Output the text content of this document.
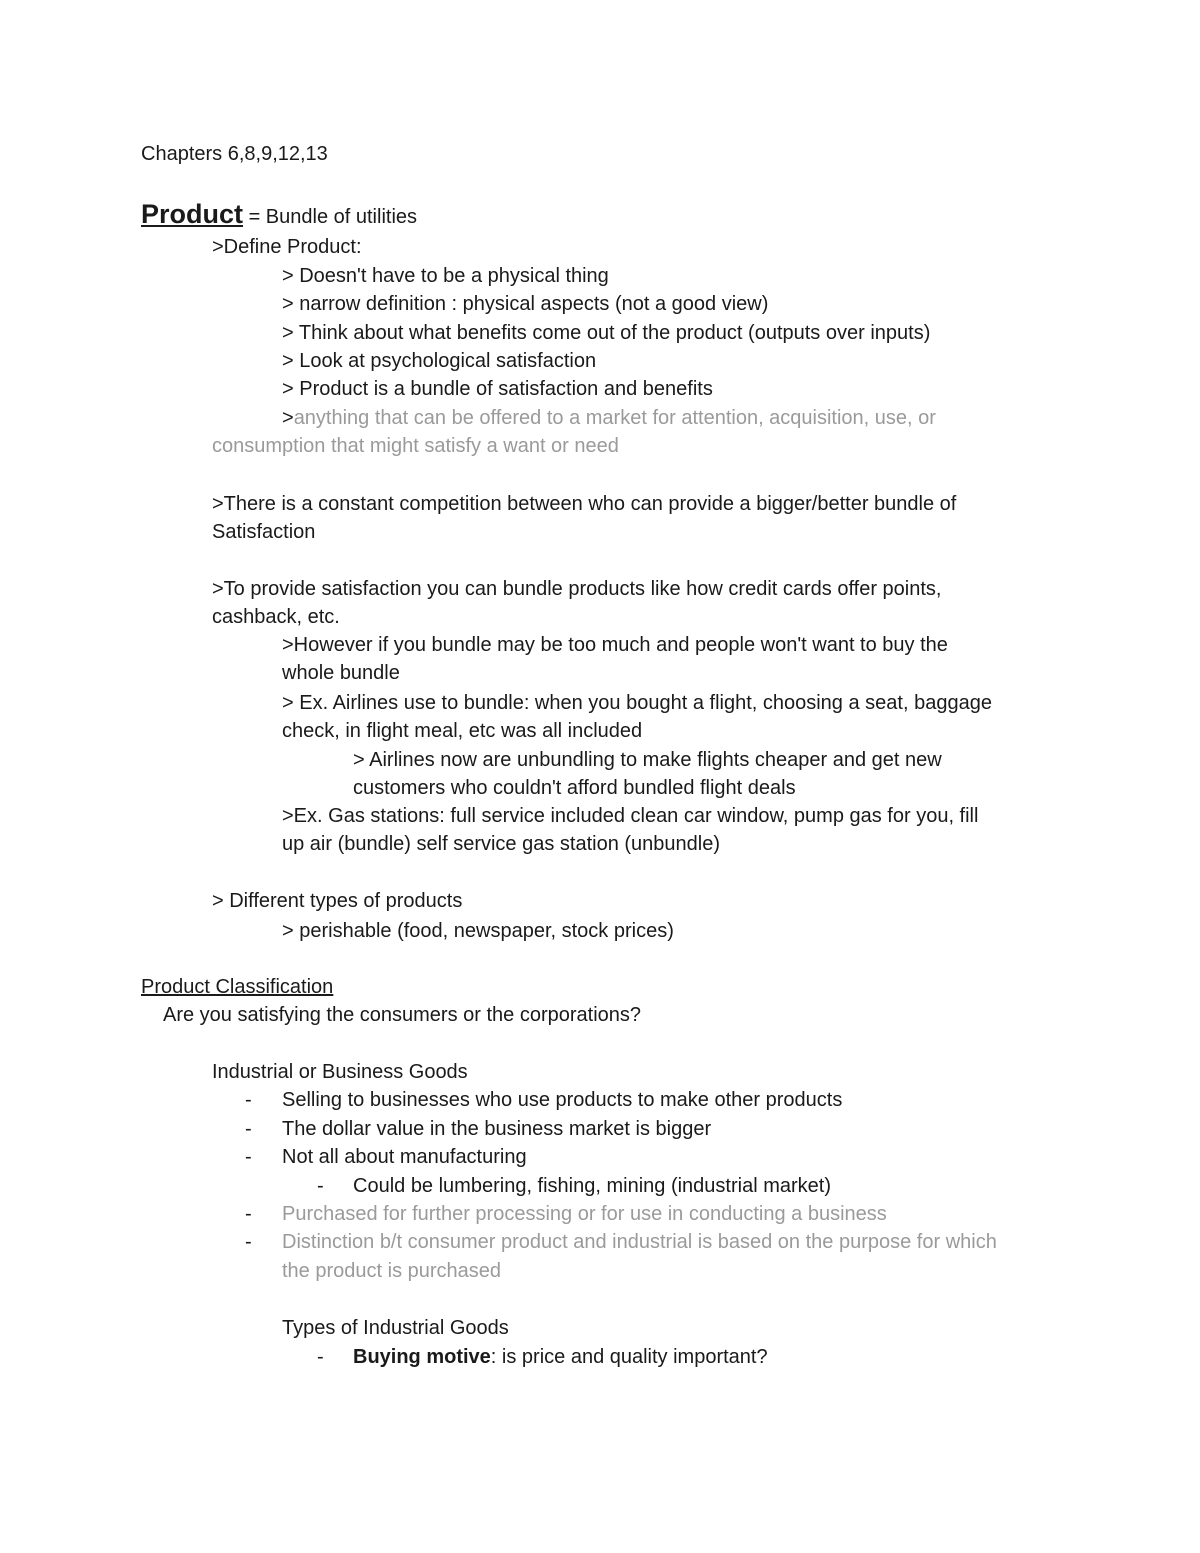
Chapters 6,8,9,12,13
Product = Bundle of utilities
>Define Product:
> Doesn't have to be a physical thing
> narrow definition : physical aspects (not a good view)
> Think about what benefits come out of the product (outputs over inputs)
> Look at psychological satisfaction
> Product is a bundle of satisfaction and benefits
>anything that can be offered to a market for attention, acquisition, use, or
consumption that might satisfy a want or need
>There is a constant competition between who can provide a bigger/better bundle of
Satisfaction
>To provide satisfaction you can bundle products like how credit cards offer points,
cashback, etc.
>However if you bundle may be too much and people won't want to buy the
whole bundle
> Ex. Airlines use to bundle: when you bought a flight, choosing a seat, baggage
check, in flight meal, etc was all included
> Airlines now are unbundling to make flights cheaper and get new
customers who couldn't afford bundled flight deals
>Ex. Gas stations: full service included clean car window, pump gas for you, fill
up air (bundle) self service gas station (unbundle)
> Different types of products
> perishable (food, newspaper, stock prices)
Product Classification
Are you satisfying the consumers or the corporations?
Industrial or Business Goods
- Selling to businesses who use products to make other products
- The dollar value in the business market is bigger
- Not all about manufacturing
- Could be lumbering, fishing, mining (industrial market)
- Purchased for further processing or for use in conducting a business
- Distinction b/t consumer product and industrial is based on the purpose for which
the product is purchased
Types of Industrial Goods
- Buying motive: is price and quality important?
